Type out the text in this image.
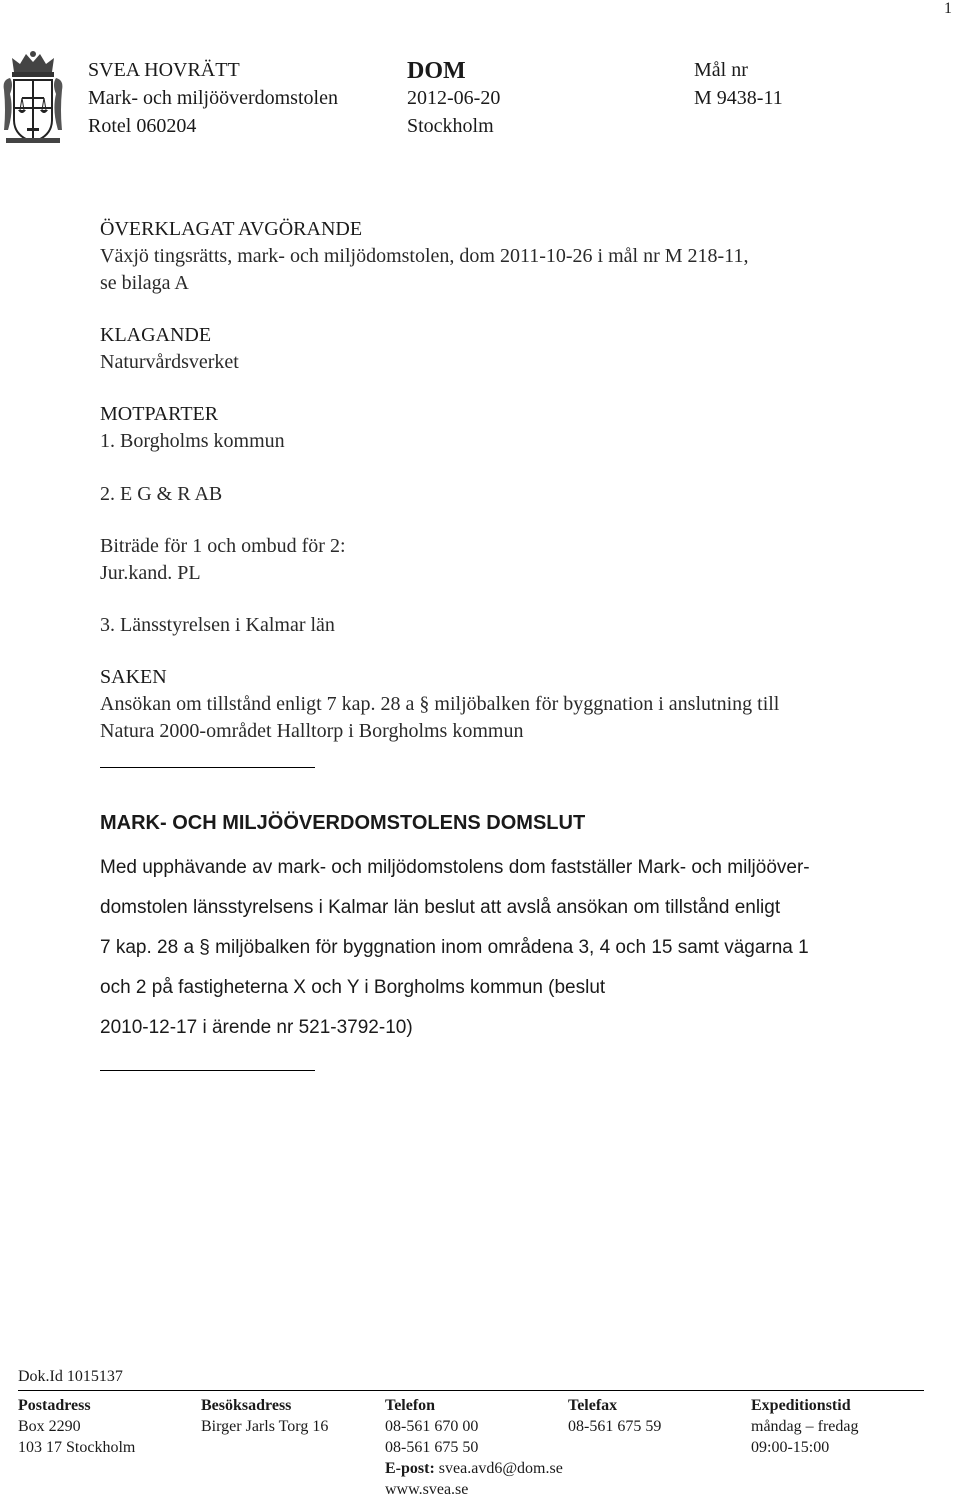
1
SVEA HOVRÄTT
Mark- och miljööverdomstolen
Rotel 060204
DOM
2012-06-20
Stockholm
Mål nr
M 9438-11
ÖVERKLAGAT AVGÖRANDE
Växjö tingsrätts, mark- och miljödomstolen, dom 2011-10-26 i mål nr M 218-11,
se bilaga A
KLAGANDE
Naturvårdsverket
MOTPARTER
1. Borgholms kommun
2. E G & R AB
Biträde för 1 och ombud för 2:
Jur.kand. PL
3. Länsstyrelsen i Kalmar län
SAKEN
Ansökan om tillstånd enligt 7 kap. 28 a § miljöbalken för byggnation i anslutning till
Natura 2000-området Halltorp i Borgholms kommun
MARK- OCH MILJÖÖVERDOMSTOLENS DOMSLUT
Med upphävande av mark- och miljödomstolens dom fastställer Mark- och miljööver-
domstolen länsstyrelsens i Kalmar län beslut att avslå ansökan om tillstånd enligt
7 kap. 28 a § miljöbalken för byggnation inom områdena 3, 4 och 15 samt vägarna 1
och 2 på fastigheterna X och Y i Borgholms kommun (beslut
2010-12-17 i ärende nr 521-3792-10)
Dok.Id 1015137
Postadress
Box 2290
103 17 Stockholm
Besöksadress
Birger Jarls Torg 16
Telefon
08-561 670 00
08-561 675 50
E-post: svea.avd6@dom.se
www.svea.se
Telefax
08-561 675 59
Expeditionstid
måndag – fredag
09:00-15:00
